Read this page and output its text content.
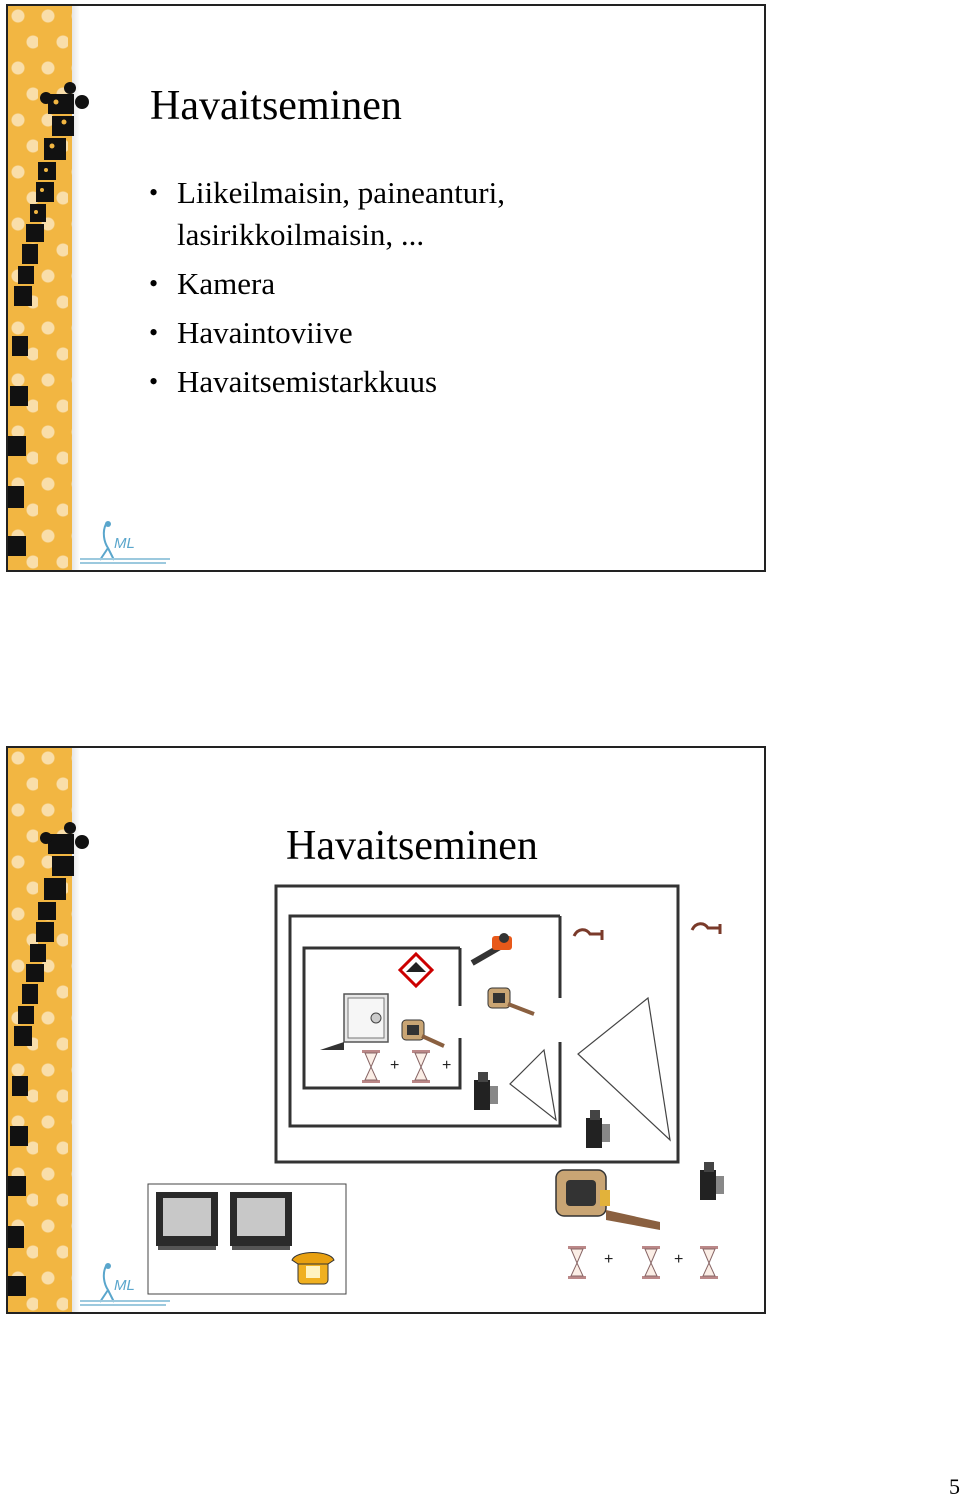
ML
Havaitseminen
• Liikeilmaisin, paineanturi, lasirikkoilmaisin, ...
• Kamera
• Havaintoviive
• Havaitsemistarkkuus
ML
Havaitseminen
+	+
+	+
5
